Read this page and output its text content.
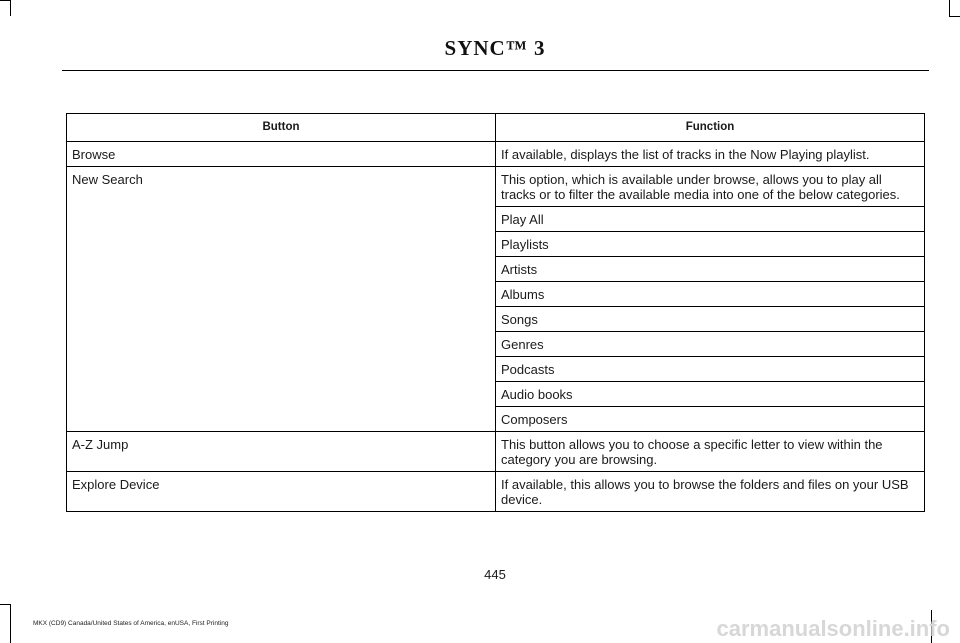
SYNC™ 3
Button	Function
Browse	If available, displays the list of tracks in the Now Playing playlist.
New Search	This option, which is available under browse, allows you to play all tracks or to filter the available media into one of the below categories.
	Play All
	Playlists
	Artists
	Albums
	Songs
	Genres
	Podcasts
	Audio books
	Composers
A-Z Jump	This button allows you to choose a specific letter to view within the category you are browsing.
Explore Device	If available, this allows you to browse the folders and files on your USB device.
445
MKX (CD9) Canada/United States of America, enUSA, First Printing	carmanualsonline.info
